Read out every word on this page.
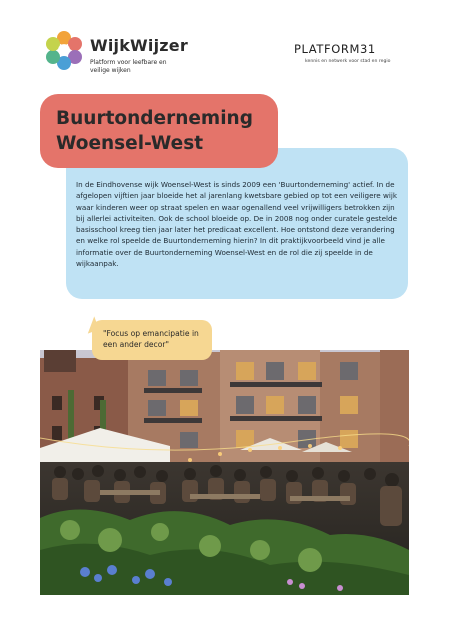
WijkWijzer
Platform voor leefbare en veilige wijken
PLATFORM31
kennis en netwerk voor stad en regio
Buurtonderneming
Woensel-West
In de Eindhovense wijk Woensel-West is sinds 2009 een 'Buurtonderneming' actief. In de afgelopen vijftien jaar bloeide het al jarenlang kwetsbare gebied op tot een veiligere wijk waar kinderen weer op straat spelen en waar ogenallend veel vrijwilligers betrokken zijn bij allerlei activiteiten. Ook de school bloeide op. De in 2008 nog onder curatele gestelde basisschool kreeg tien jaar later het predicaat excellent. Hoe ontstond deze verandering en welke rol speelde de Buurtonderneming hierin? In dit praktijkvoorbeeld vind je alle informatie over de Buurtonderneming Woensel-West en de rol die zij speelde in de wijkaanpak.
"Focus op emancipatie in een ander decor"
